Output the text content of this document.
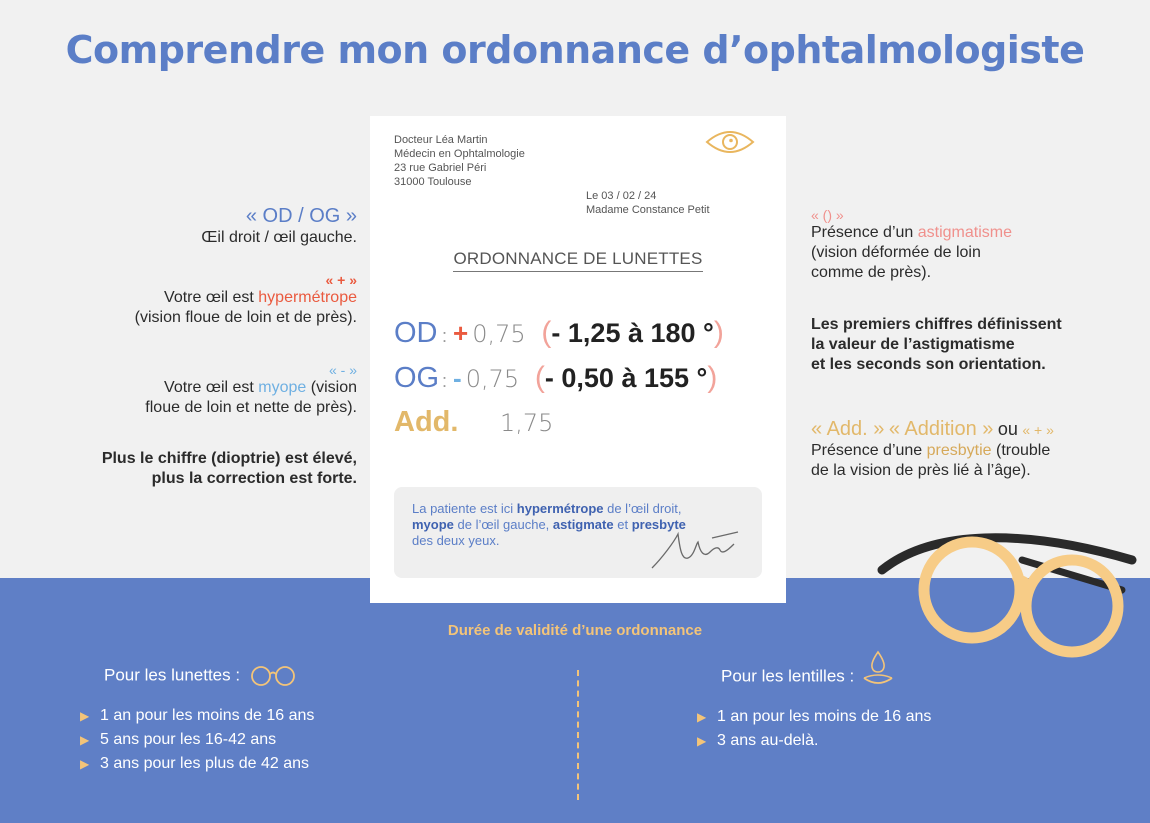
Comprendre mon ordonnance d’ophtalmologiste
« OD / OG »
Œil droit / œil gauche.
« + »
Votre œil est hypermétrope
(vision floue de loin et de près).
« - »
Votre œil est myope (vision
floue de loin et nette de près).
Plus le chiffre (dioptrie) est élevé,
plus la correction est forte.
« () »
Présence d’un astigmatisme
(vision déformée de loin
comme de près).
Les premiers chiffres définissent
la valeur de l’astigmatisme
et les seconds son orientation.
« Add. » « Addition » ou « + »
Présence d’une presbytie (trouble
de la vision de près lié à l’âge).
Docteur Léa Martin
Médecin en Ophtalmologie
23 rue Gabriel Péri
31000 Toulouse
Le 03 / 02 / 24
Madame Constance Petit
ORDONNANCE DE LUNETTES
OD : + 0,75 (- 1,25 à 180 °)
OG : - 0,75 (- 0,50 à 155 °)
Add. 1,75
La patiente est ici hypermétrope de l’œil droit,
myope de l’œil gauche, astigmate et presbyte
des deux yeux.
Durée de validité d’une ordonnance
Pour les lunettes :
▶ 1 an pour les moins de 16 ans
▶ 5 ans pour les 16-42 ans
▶ 3 ans pour les plus de 42 ans
Pour les lentilles :
▶ 1 an pour les moins de 16 ans
▶ 3 ans au-delà.
